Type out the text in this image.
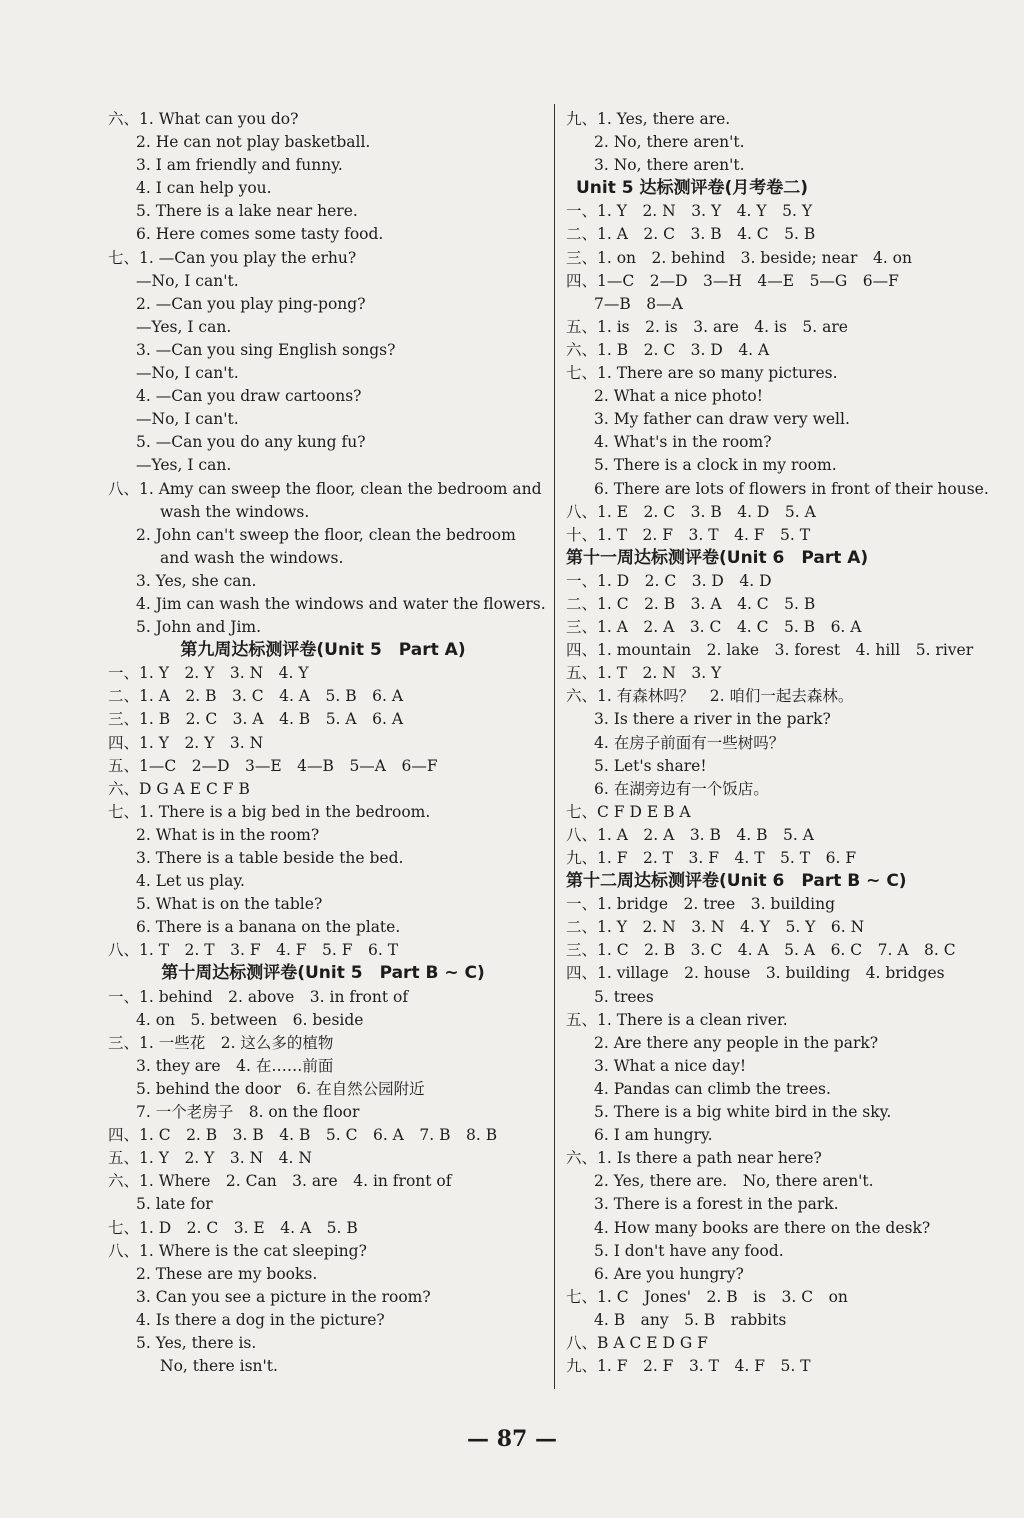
六、1. What can you do?
2. He can not play basketball.
3. I am friendly and funny.
4. I can help you.
5. There is a lake near here.
6. Here comes some tasty food.
七、1. —Can you play the erhu?
—No, I can't.
2. —Can you play ping-pong?
—Yes, I can.
3. —Can you sing English songs?
—No, I can't.
4. —Can you draw cartoons?
—No, I can't.
5. —Can you do any kung fu?
—Yes, I can.
八、1. Amy can sweep the floor, clean the bedroom and
wash the windows.
2. John can't sweep the floor, clean the bedroom
and wash the windows.
3. Yes, she can.
4. Jim can wash the windows and water the flowers.
5. John and Jim.
第九周达标测评卷(Unit 5　Part A)
一、1. Y　2. Y　3. N　4. Y
二、1. A　2. B　3. C　4. A　5. B　6. A
三、1. B　2. C　3. A　4. B　5. A　6. A
四、1. Y　2. Y　3. N
五、1—C　2—D　3—E　4—B　5—A　6—F
六、D G A E C F B
七、1. There is a big bed in the bedroom.
2. What is in the room?
3. There is a table beside the bed.
4. Let us play.
5. What is on the table?
6. There is a banana on the plate.
八、1. T　2. T　3. F　4. F　5. F　6. T
第十周达标测评卷(Unit 5　Part B ~ C)
一、1. behind　2. above　3. in front of
4. on　5. between　6. beside
三、1. 一些花　2. 这么多的植物
3. they are　4. 在……前面
5. behind the door　6. 在自然公园附近
7. 一个老房子　8. on the floor
四、1. C　2. B　3. B　4. B　5. C　6. A　7. B　8. B
五、1. Y　2. Y　3. N　4. N
六、1. Where　2. Can　3. are　4. in front of
5. late for
七、1. D　2. C　3. E　4. A　5. B
八、1. Where is the cat sleeping?
2. These are my books.
3. Can you see a picture in the room?
4. Is there a dog in the picture?
5. Yes, there is.
No, there isn't.
九、1. Yes, there are.
2. No, there aren't.
3. No, there aren't.
Unit 5 达标测评卷(月考卷二)
一、1. Y　2. N　3. Y　4. Y　5. Y
二、1. A　2. C　3. B　4. C　5. B
三、1. on　2. behind　3. beside; near　4. on
四、1—C　2—D　3—H　4—E　5—G　6—F
7—B　8—A
五、1. is　2. is　3. are　4. is　5. are
六、1. B　2. C　3. D　4. A
七、1. There are so many pictures.
2. What a nice photo!
3. My father can draw very well.
4. What's in the room?
5. There is a clock in my room.
6. There are lots of flowers in front of their house.
八、1. E　2. C　3. B　4. D　5. A
十、1. T　2. F　3. T　4. F　5. T
第十一周达标测评卷(Unit 6　Part A)
一、1. D　2. C　3. D　4. D
二、1. C　2. B　3. A　4. C　5. B
三、1. A　2. A　3. C　4. C　5. B　6. A
四、1. mountain　2. lake　3. forest　4. hill　5. river
五、1. T　2. N　3. Y
六、1. 有森林吗？　2. 咱们一起去森林。
3. Is there a river in the park?
4. 在房子前面有一些树吗？
5. Let's share!
6. 在湖旁边有一个饭店。
七、C F D E B A
八、1. A　2. A　3. B　4. B　5. A
九、1. F　2. T　3. F　4. T　5. T　6. F
第十二周达标测评卷(Unit 6　Part B ~ C)
一、1. bridge　2. tree　3. building
二、1. Y　2. N　3. N　4. Y　5. Y　6. N
三、1. C　2. B　3. C　4. A　5. A　6. C　7. A　8. C
四、1. village　2. house　3. building　4. bridges
5. trees
五、1. There is a clean river.
2. Are there any people in the park?
3. What a nice day!
4. Pandas can climb the trees.
5. There is a big white bird in the sky.
6. I am hungry.
六、1. Is there a path near here?
2. Yes, there are.　No, there aren't.
3. There is a forest in the park.
4. How many books are there on the desk?
5. I don't have any food.
6. Are you hungry?
七、1. C　Jones'　2. B　is　3. C　on
4. B　any　5. B　rabbits
八、B A C E D G F
九、1. F　2. F　3. T　4. F　5. T
— 87 —
